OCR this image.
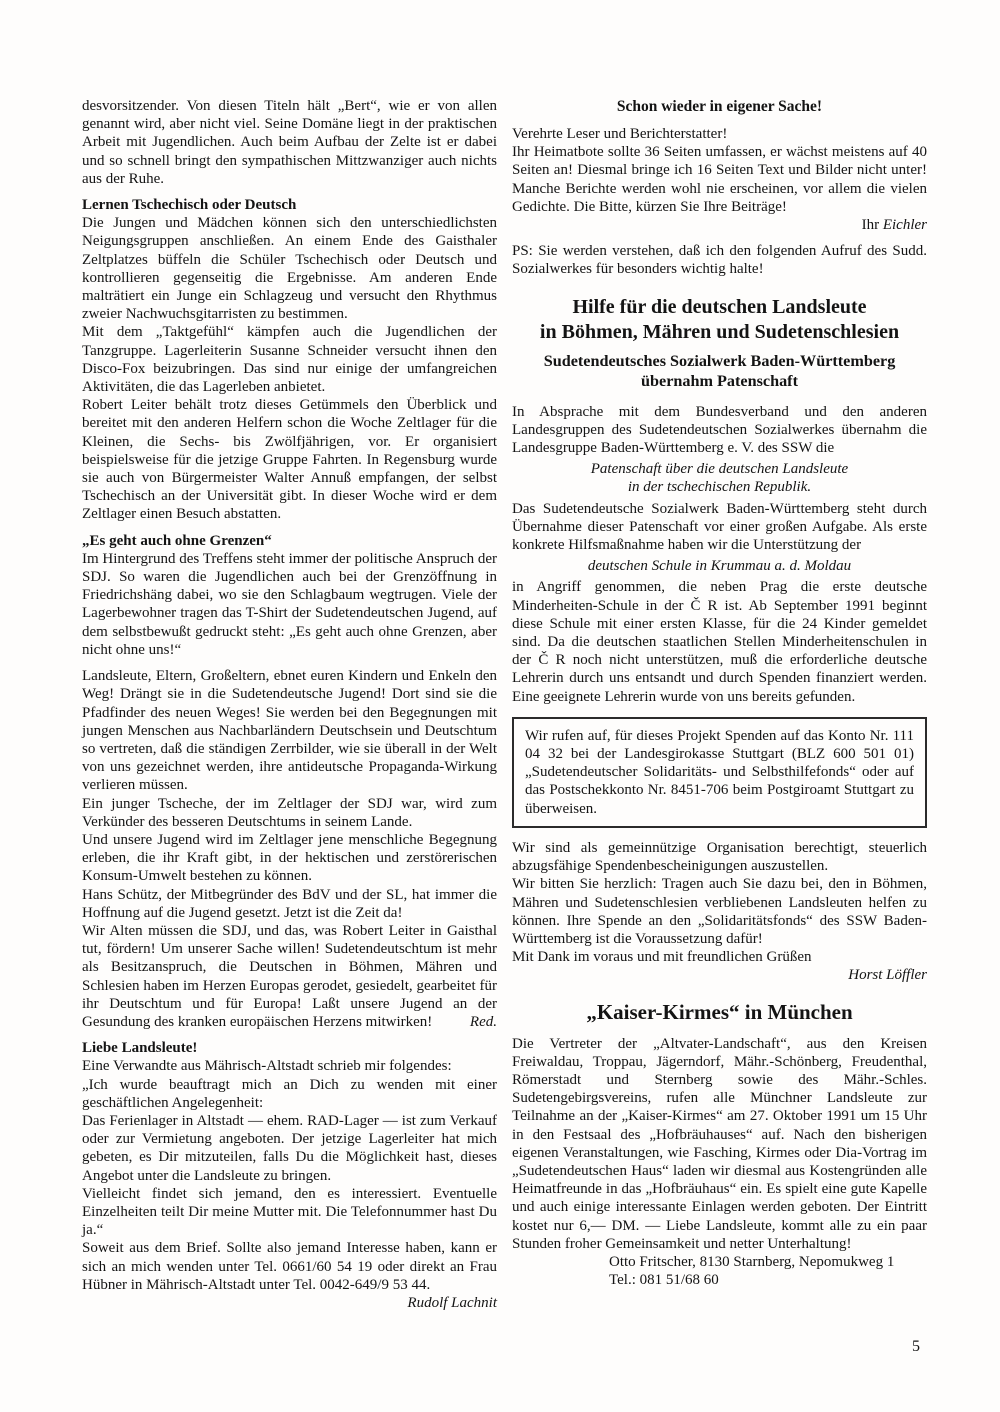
desvorsitzender. Von diesen Titeln hält „Bert“, wie er von allen genannt wird, aber nicht viel. Seine Domäne liegt in der praktischen Arbeit mit Jugendlichen. Auch beim Aufbau der Zelte ist er dabei und so schnell bringt den sympathischen Mittzwanziger auch nichts aus der Ruhe.

Lernen Tschechisch oder Deutsch

Die Jungen und Mädchen können sich den unterschiedlichsten Neigungsgruppen anschließen. An einem Ende des Gaisthaler Zeltplatzes büffeln die Schüler Tschechisch oder Deutsch und kontrollieren gegenseitig die Ergebnisse. Am anderen Ende malträtiert ein Junge ein Schlagzeug und versucht den Rhythmus zweier Nachwuchsgitarristen zu bestimmen.

Mit dem „Taktgefühl“ kämpfen auch die Jugendlichen der Tanzgruppe. Lagerleiterin Susanne Schneider versucht ihnen den Disco-Fox beizubringen. Das sind nur einige der umfangreichen Aktivitäten, die das Lagerleben anbietet.

Robert Leiter behält trotz dieses Getümmels den Überblick und bereitet mit den anderen Helfern schon die Woche Zeltlager für die Kleinen, die Sechs- bis Zwölfjährigen, vor. Er organisiert beispielsweise für die jetzige Gruppe Fahrten. In Regensburg wurde sie auch von Bürgermeister Walter Annuß empfangen, der selbst Tschechisch an der Universität gibt. In dieser Woche wird er dem Zeltlager einen Besuch abstatten.

„Es geht auch ohne Grenzen“

Im Hintergrund des Treffens steht immer der politische Anspruch der SDJ. So waren die Jugendlichen auch bei der Grenzöffnung in Friedrichshäng dabei, wo sie den Schlagbaum wegtrugen. Viele der Lagerbewohner tragen das T-Shirt der Sudetendeutschen Jugend, auf dem selbstbewußt gedruckt steht: „Es geht auch ohne Grenzen, aber nicht ohne uns!“

Landsleute, Eltern, Großeltern, ebnet euren Kindern und Enkeln den Weg! Drängt sie in die Sudetendeutsche Jugend! Dort sind sie die Pfadfinder des neuen Weges! Sie werden bei den Begegnungen mit jungen Menschen aus Nachbarländern Deutschsein und Deutschtum so vertreten, daß die ständigen Zerrbilder, wie sie überall in der Welt von uns gezeichnet werden, ihre antideutsche Propaganda-Wirkung verlieren müssen.

Ein junger Tscheche, der im Zeltlager der SDJ war, wird zum Verkünder des besseren Deutschtums in seinem Lande.

Und unsere Jugend wird im Zeltlager jene menschliche Begegnung erleben, die ihr Kraft gibt, in der hektischen und zerstörerischen Konsum-Umwelt bestehen zu können.

Hans Schütz, der Mitbegründer des BdV und der SL, hat immer die Hoffnung auf die Jugend gesetzt. Jetzt ist die Zeit da!

Wir Alten müssen die SDJ, und das, was Robert Leiter in Gaisthal tut, fördern! Um unserer Sache willen! Sudetendeutschtum ist mehr als Besitzanspruch, die Deutschen in Böhmen, Mähren und Schlesien haben im Herzen Europas gerodet, gesiedelt, gearbeitet für ihr Deutschtum und für Europa! Laßt unsere Jugend an der Gesundung des kranken europäischen Herzens mitwirken!	Red.

Liebe Landsleute!

Eine Verwandte aus Mährisch-Altstadt schrieb mir folgendes:

„Ich wurde beauftragt mich an Dich zu wenden mit einer geschäftlichen Angelegenheit:

Das Ferienlager in Altstadt — ehem. RAD-Lager — ist zum Verkauf oder zur Vermietung angeboten. Der jetzige Lagerleiter hat mich gebeten, es Dir mitzuteilen, falls Du die Möglichkeit hast, dieses Angebot unter die Landsleute zu bringen.

Vielleicht findet sich jemand, den es interessiert. Eventuelle Einzelheiten teilt Dir meine Mutter mit. Die Telefonnummer hast Du ja.“

Soweit aus dem Brief. Sollte also jemand Interesse haben, kann er sich an mich wenden unter Tel. 0661/60 54 19 oder direkt an Frau Hübner in Mährisch-Altstadt unter Tel. 0042-649/9 53 44.

Rudolf Lachnit

Schon wieder in eigener Sache!

Verehrte Leser und Berichterstatter!

Ihr Heimatbote sollte 36 Seiten umfassen, er wächst meistens auf 40 Seiten an! Diesmal bringe ich 16 Seiten Text und Bilder nicht unter! Manche Berichte werden wohl nie erscheinen, vor allem die vielen Gedichte. Die Bitte, kürzen Sie Ihre Beiträge!

Ihr Eichler

PS: Sie werden verstehen, daß ich den folgenden Aufruf des Sudd. Sozialwerkes für besonders wichtig halte!

Hilfe für die deutschen Landsleute
in Böhmen, Mähren und Sudetenschlesien
Sudetendeutsches Sozialwerk Baden-Württemberg
übernahm Patenschaft

In Absprache mit dem Bundesverband und den anderen Landesgruppen des Sudetendeutschen Sozialwerkes übernahm die Landesgruppe Baden-Württemberg e. V. des SSW die

Patenschaft über die deutschen Landsleute
in der tschechischen Republik.

Das Sudetendeutsche Sozialwerk Baden-Württemberg steht durch Übernahme dieser Patenschaft vor einer großen Aufgabe. Als erste konkrete Hilfsmaßnahme haben wir die Unterstützung der

deutschen Schule in Krummau a. d. Moldau

in Angriff genommen, die neben Prag die erste deutsche Minderheiten-Schule in der Č R ist. Ab September 1991 beginnt diese Schule mit einer ersten Klasse, für die 24 Kinder gemeldet sind. Da die deutschen staatlichen Stellen Minderheitenschulen in der Č R noch nicht unterstützen, muß die erforderliche deutsche Lehrerin durch uns entsandt und durch Spenden finanziert werden. Eine geeignete Lehrerin wurde von uns bereits gefunden.

Wir rufen auf, für dieses Projekt Spenden auf das Konto Nr. 111 04 32 bei der Landesgirokasse Stuttgart (BLZ 600 501 01) „Sudetendeutscher Solidaritäts- und Selbsthilfefonds“ oder auf das Postschekkonto Nr. 8451-706 beim Postgiroamt Stuttgart zu überweisen.

Wir sind als gemeinnützige Organisation berechtigt, steuerlich abzugsfähige Spendenbescheinigungen auszustellen.

Wir bitten Sie herzlich: Tragen auch Sie dazu bei, den in Böhmen, Mähren und Sudetenschlesien verbliebenen Landsleuten helfen zu können. Ihre Spende an den „Solidaritätsfonds“ des SSW Baden-Württemberg ist die Voraussetzung dafür!

Mit Dank im voraus und mit freundlichen Grüßen

Horst Löffler

„Kaiser-Kirmes“ in München

Die Vertreter der „Altvater-Landschaft“, aus den Kreisen Freiwaldau, Troppau, Jägerndorf, Mähr.-Schönberg, Freudenthal, Römerstadt und Sternberg sowie des Mähr.-Schles. Sudetengebirgsvereins, rufen alle Münchner Landsleute zur Teilnahme an der „Kaiser-Kirmes“ am 27. Oktober 1991 um 15 Uhr in den Festsaal des „Hofbräuhauses“ auf. Nach den bisherigen eigenen Veranstaltungen, wie Fasching, Kirmes oder Dia-Vortrag im „Sudetendeutschen Haus“ laden wir diesmal aus Kostengründen alle Heimatfreunde in das „Hofbräuhaus“ ein. Es spielt eine gute Kapelle und auch einige interessante Einlagen werden geboten. Der Eintritt kostet nur 6,— DM. — Liebe Landsleute, kommt alle zu ein paar Stunden froher Gemeinsamkeit und netter Unterhaltung!

Otto Fritscher, 8130 Starnberg, Nepomukweg 1

Tel.: 081 51/68 60

5
